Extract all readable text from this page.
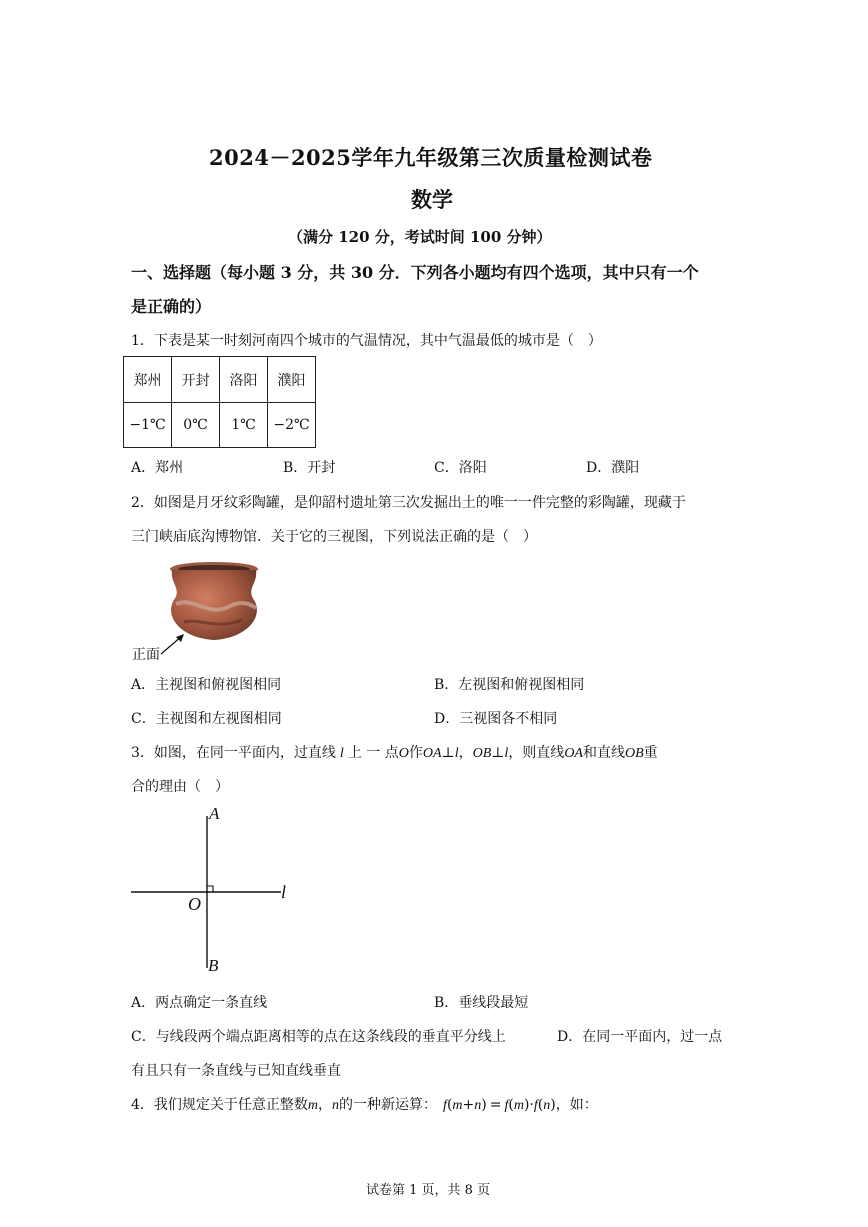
2024－2025学年九年级第三次质量检测试卷
数学
（满分 120 分，考试时间 100 分钟）
一、选择题（每小题 3 分，共 30 分．下列各小题均有四个选项，其中只有一个
是正确的）
1．下表是某一时刻河南四个城市的气温情况，其中气温最低的城市是（　）
郑州	开封	洛阳	濮阳
−1℃	0℃	1℃	−2℃
A．郑州	B．开封	C．洛阳	D．濮阳
2．如图是月牙纹彩陶罐，是仰韶村遗址第三次发掘出土的唯一一件完整的彩陶罐，现藏于
三门峡庙底沟博物馆．关于它的三视图，下列说法正确的是（　）
正面
A．主视图和俯视图相同	B．左视图和俯视图相同
C．主视图和左视图相同	D．三视图各不相同
3．如图，在同一平面内，过直线 l 上 一 点O作OA⊥l，OB⊥l，则直线OA和直线OB重
合的理由（　）
A
O
l
B
A．两点确定一条直线	B．垂线段最短
C．与线段两个端点距离相等的点在这条线段的垂直平分线上	D．在同一平面内，过一点
有且只有一条直线与已知直线垂直
4．我们规定关于任意正整数m，n的一种新运算： f(m+n) = f(m)·f(n)，如：
试卷第 1 页，共 8 页
